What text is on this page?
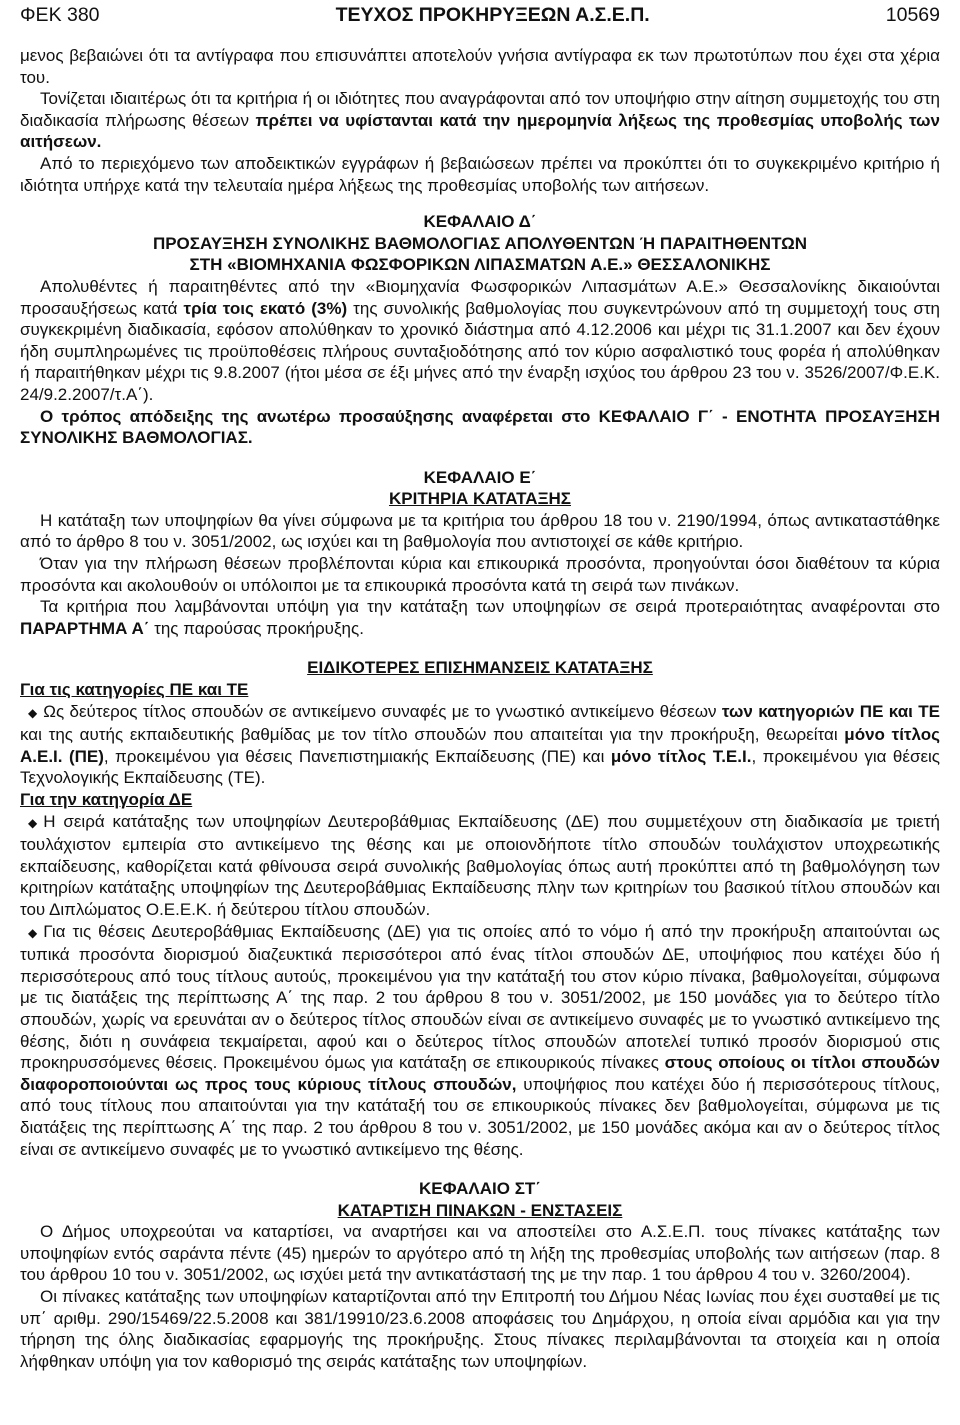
ΦΕΚ 380	ΤΕΥΧΟΣ ΠΡΟΚΗΡΥΞΕΩΝ Α.Σ.Ε.Π.	10569

μενος βεβαιώνει ότι τα αντίγραφα που επισυνάπτει αποτελούν γνήσια αντίγραφα εκ των πρωτοτύπων που έχει στα χέρια του.

Τονίζεται ιδιαιτέρως ότι τα κριτήρια ή οι ιδιότητες που αναγράφονται από τον υποψήφιο στην αίτηση συμμετοχής του στη διαδικασία πλήρωσης θέσεων πρέπει να υφίστανται κατά την ημερομηνία λήξεως της προθεσμίας υποβολής των αιτήσεων.

Από το περιεχόμενο των αποδεικτικών εγγράφων ή βεβαιώσεων πρέπει να προκύπτει ότι το συγκεκριμένο κριτήριο ή ιδιότητα υπήρχε κατά την τελευταία ημέρα λήξεως της προθεσμίας υποβολής των αιτήσεων.

ΚΕΦΑΛΑΙΟ Δ΄
ΠΡΟΣΑΥΞΗΣΗ ΣΥΝΟΛΙΚΗΣ ΒΑΘΜΟΛΟΓΙΑΣ ΑΠΟΛΥΘΕΝΤΩΝ Ή ΠΑΡΑΙΤΗΘΕΝΤΩΝ
ΣΤΗ «ΒΙΟΜΗΧΑΝΙΑ ΦΩΣΦΟΡΙΚΩΝ ΛΙΠΑΣΜΑΤΩΝ Α.Ε.» ΘΕΣΣΑΛΟΝΙΚΗΣ

Απολυθέντες ή παραιτηθέντες από την «Βιομηχανία Φωσφορικών Λιπασμάτων Α.Ε.» Θεσσαλονίκης δικαιούνται προσαυξήσεως κατά τρία τοις εκατό (3%) της συνολικής βαθμολογίας που συγκεντρώνουν από τη συμμετοχή τους στη συγκεκριμένη διαδικασία, εφόσον απολύθηκαν το χρονικό διάστημα από 4.12.2006 και μέχρι τις 31.1.2007 και δεν έχουν ήδη συμπληρωμένες τις προϋποθέσεις πλήρους συνταξιοδότησης από τον κύριο ασφαλιστικό τους φορέα ή απολύθηκαν ή παραιτήθηκαν μέχρι τις 9.8.2007 (ήτοι μέσα σε έξι μήνες από την έναρξη ισχύος του άρθρου 23 του ν. 3526/2007/Φ.Ε.Κ. 24/9.2.2007/τ.Α΄).

Ο τρόπος απόδειξης της ανωτέρω προσαύξησης αναφέρεται στο ΚΕΦΑΛΑΙΟ Γ΄ - ΕΝΟΤΗΤΑ ΠΡΟΣΑΥΞΗΣΗ ΣΥΝΟΛΙΚΗΣ ΒΑΘΜΟΛΟΓΙΑΣ.

ΚΕΦΑΛΑΙΟ Ε΄
ΚΡΙΤΗΡΙΑ ΚΑΤΑΤΑΞΗΣ

Η κατάταξη των υποψηφίων θα γίνει σύμφωνα με τα κριτήρια του άρθρου 18 του ν. 2190/1994, όπως αντικαταστάθηκε από το άρθρο 8 του ν. 3051/2002, ως ισχύει και τη βαθμολογία που αντιστοιχεί σε κάθε κριτήριο.

Όταν για την πλήρωση θέσεων προβλέπονται κύρια και επικουρικά προσόντα, προηγούνται όσοι διαθέτουν τα κύρια προσόντα και ακολουθούν οι υπόλοιποι με τα επικουρικά προσόντα κατά τη σειρά των πινάκων.

Τα κριτήρια που λαμβάνονται υπόψη για την κατάταξη των υποψηφίων σε σειρά προτεραιότητας αναφέρονται στο ΠΑΡΑΡΤΗΜΑ Α΄ της παρούσας προκήρυξης.

ΕΙΔΙΚΟΤΕΡΕΣ ΕΠΙΣΗΜΑΝΣΕΙΣ ΚΑΤΑΤΑΞΗΣ

Για τις κατηγορίες ΠΕ και ΤΕ

◆ Ως δεύτερος τίτλος σπουδών σε αντικείμενο συναφές με το γνωστικό αντικείμενο θέσεων των κατηγοριών ΠΕ και ΤΕ και της αυτής εκπαιδευτικής βαθμίδας με τον τίτλο σπουδών που απαιτείται για την προκήρυξη, θεωρείται μόνο τίτλος Α.Ε.Ι. (ΠΕ), προκειμένου για θέσεις Πανεπιστημιακής Εκπαίδευσης (ΠΕ) και μόνο τίτλος Τ.Ε.Ι., προκειμένου για θέσεις Τεχνολογικής Εκπαίδευσης (ΤΕ).

Για την κατηγορία ΔΕ

◆ Η σειρά κατάταξης των υποψηφίων Δευτεροβάθμιας Εκπαίδευσης (ΔΕ) που συμμετέχουν στη διαδικασία με τριετή τουλάχιστον εμπειρία στο αντικείμενο της θέσης και με οποιονδήποτε τίτλο σπουδών τουλάχιστον υποχρεωτικής εκπαίδευσης, καθορίζεται κατά φθίνουσα σειρά συνολικής βαθμολογίας όπως αυτή προκύπτει από τη βαθμολόγηση των κριτηρίων κατάταξης υποψηφίων της Δευτεροβάθμιας Εκπαίδευσης πλην των κριτηρίων του βασικού τίτλου σπουδών και του Διπλώματος Ο.Ε.Ε.Κ. ή δεύτερου τίτλου σπουδών.

◆ Για τις θέσεις Δευτεροβάθμιας Εκπαίδευσης (ΔΕ) για τις οποίες από το νόμο ή από την προκήρυξη απαιτούνται ως τυπικά προσόντα διορισμού διαζευκτικά περισσότεροι από ένας τίτλοι σπουδών ΔΕ, υποψήφιος που κατέχει δύο ή περισσότερους από τους τίτλους αυτούς, προκειμένου για την κατάταξή του στον κύριο πίνακα, βαθμολογείται, σύμφωνα με τις διατάξεις της περίπτωσης Α΄ της παρ. 2 του άρθρου 8 του ν. 3051/2002, με 150 μονάδες για το δεύτερο τίτλο σπουδών, χωρίς να ερευνάται αν ο δεύτερος τίτλος σπουδών είναι σε αντικείμενο συναφές με το γνωστικό αντικείμενο της θέσης, διότι η συνάφεια τεκμαίρεται, αφού και ο δεύτερος τίτλος σπουδών αποτελεί τυπικό προσόν διορισμού στις προκηρυσσόμενες θέσεις. Προκειμένου όμως για κατάταξη σε επικουρικούς πίνακες στους οποίους οι τίτλοι σπουδών διαφοροποιούνται ως προς τους κύριους τίτλους σπουδών, υποψήφιος που κατέχει δύο ή περισσότερους τίτλους, από τους τίτλους που απαιτούνται για την κατάταξή του σε επικουρικούς πίνακες δεν βαθμολογείται, σύμφωνα με τις διατάξεις της περίπτωσης Α΄ της παρ. 2 του άρθρου 8 του ν. 3051/2002, με 150 μονάδες ακόμα και αν ο δεύτερος τίτλος είναι σε αντικείμενο συναφές με το γνωστικό αντικείμενο της θέσης.

ΚΕΦΑΛΑΙΟ ΣΤ΄
ΚΑΤΑΡΤΙΣΗ ΠΙΝΑΚΩΝ - ΕΝΣΤΑΣΕΙΣ

Ο Δήμος υποχρεούται να καταρτίσει, να αναρτήσει και να αποστείλει στο Α.Σ.Ε.Π. τους πίνακες κατάταξης των υποψηφίων εντός σαράντα πέντε (45) ημερών το αργότερο από τη λήξη της προθεσμίας υποβολής των αιτήσεων (παρ. 8 του άρθρου 10 του ν. 3051/2002, ως ισχύει μετά την αντικατάστασή της με την παρ. 1 του άρθρου 4 του ν. 3260/2004).

Οι πίνακες κατάταξης των υποψηφίων καταρτίζονται από την Επιτροπή του Δήμου Νέας Ιωνίας που έχει συσταθεί με τις υπ΄ αριθμ. 290/15469/22.5.2008 και 381/19910/23.6.2008 αποφάσεις του Δημάρχου, η οποία είναι αρμόδια και για την τήρηση της όλης διαδικασίας εφαρμογής της προκήρυξης. Στους πίνακες περιλαμβάνονται τα στοιχεία και η οποία λήφθηκαν υπόψη για τον καθορισμό της σειράς κατάταξης των υποψηφίων.
